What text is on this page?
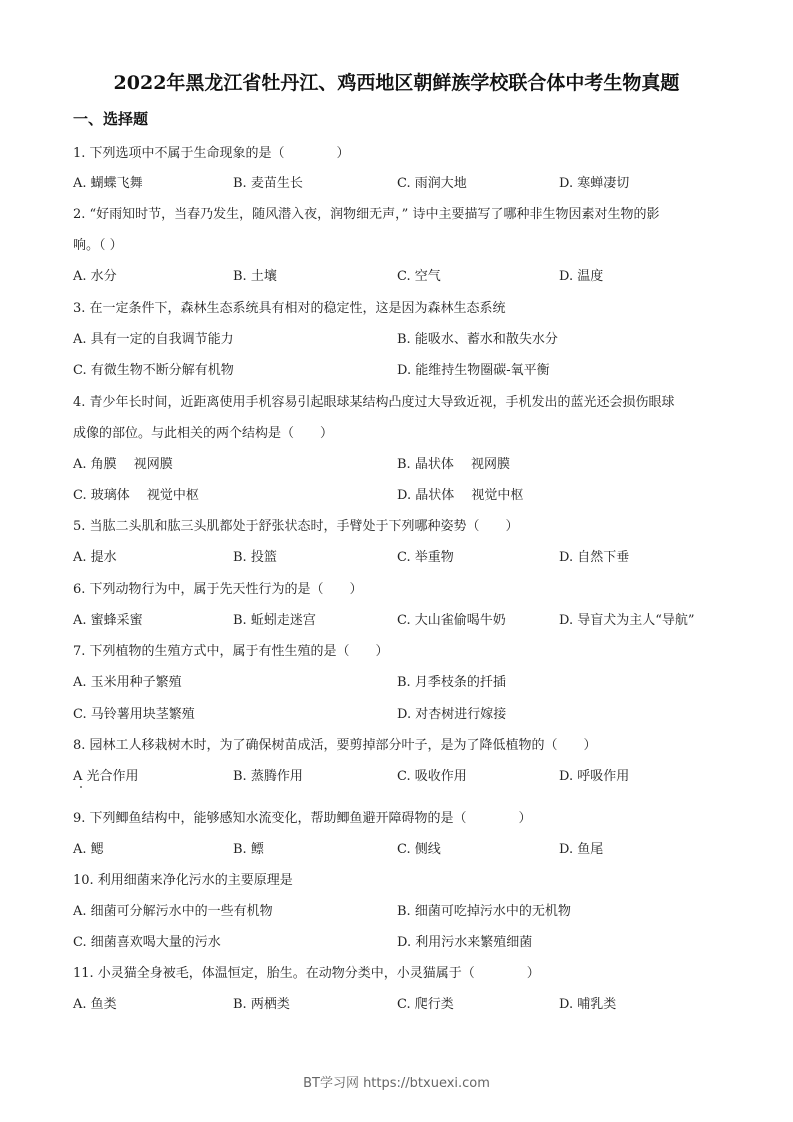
2022年黑龙江省牡丹江、鸡西地区朝鲜族学校联合体中考生物真题
一、选择题
1. 下列选项中不属于生命现象的是（　　　　）
A. 蝴蝶飞舞	B. 麦苗生长	C. 雨润大地	D. 寒蝉凄切
2. “好雨知时节，当春乃发生，随风潜入夜，润物细无声，” 诗中主要描写了哪种非生物因素对生物的影
响。（ ）
A. 水分	B. 土壤	C. 空气	D. 温度
3. 在一定条件下，森林生态系统具有相对的稳定性，这是因为森林生态系统
A. 具有一定的自我调节能力	B. 能吸水、蓄水和散失水分
C. 有微生物不断分解有机物	D. 能维持生物圈碳-氧平衡
4. 青少年长时间，近距离使用手机容易引起眼球某结构凸度过大导致近视，手机发出的蓝光还会损伤眼球
成像的部位。与此相关的两个结构是（　　）
A. 角膜　 视网膜	B. 晶状体　 视网膜
C. 玻璃体　 视觉中枢	D. 晶状体　 视觉中枢
5. 当肱二头肌和肱三头肌都处于舒张状态时，手臂处于下列哪种姿势（　　）
A. 提水	B. 投篮	C. 举重物	D. 自然下垂
6. 下列动物行为中，属于先天性行为的是（　　）
A. 蜜蜂采蜜	B. 蚯蚓走迷宫	C. 大山雀偷喝牛奶	D. 导盲犬为主人“导航”
7. 下列植物的生殖方式中，属于有性生殖的是（　　）
A. 玉米用种子繁殖	B. 月季枝条的扦插
C. 马铃薯用块茎繁殖	D. 对杏树进行嫁接
8. 园林工人移栽树木时，为了确保树苗成活，要剪掉部分叶子，是为了降低植物的（　　）
A 光合作用	B. 蒸腾作用	C. 吸收作用	D. 呼吸作用
9. 下列鲫鱼结构中，能够感知水流变化，帮助鲫鱼避开障碍物的是（　　　　）
A. 鳃	B. 鳔	C. 侧线	D. 鱼尾
10. 利用细菌来净化污水的主要原理是
A. 细菌可分解污水中的一些有机物	B. 细菌可吃掉污水中的无机物
C. 细菌喜欢喝大量的污水	D. 利用污水来繁殖细菌
11. 小灵猫全身被毛，体温恒定，胎生。在动物分类中，小灵猫属于（　　　　）
A. 鱼类	B. 两栖类	C. 爬行类	D. 哺乳类
BT学习网 https://btxuexi.com
